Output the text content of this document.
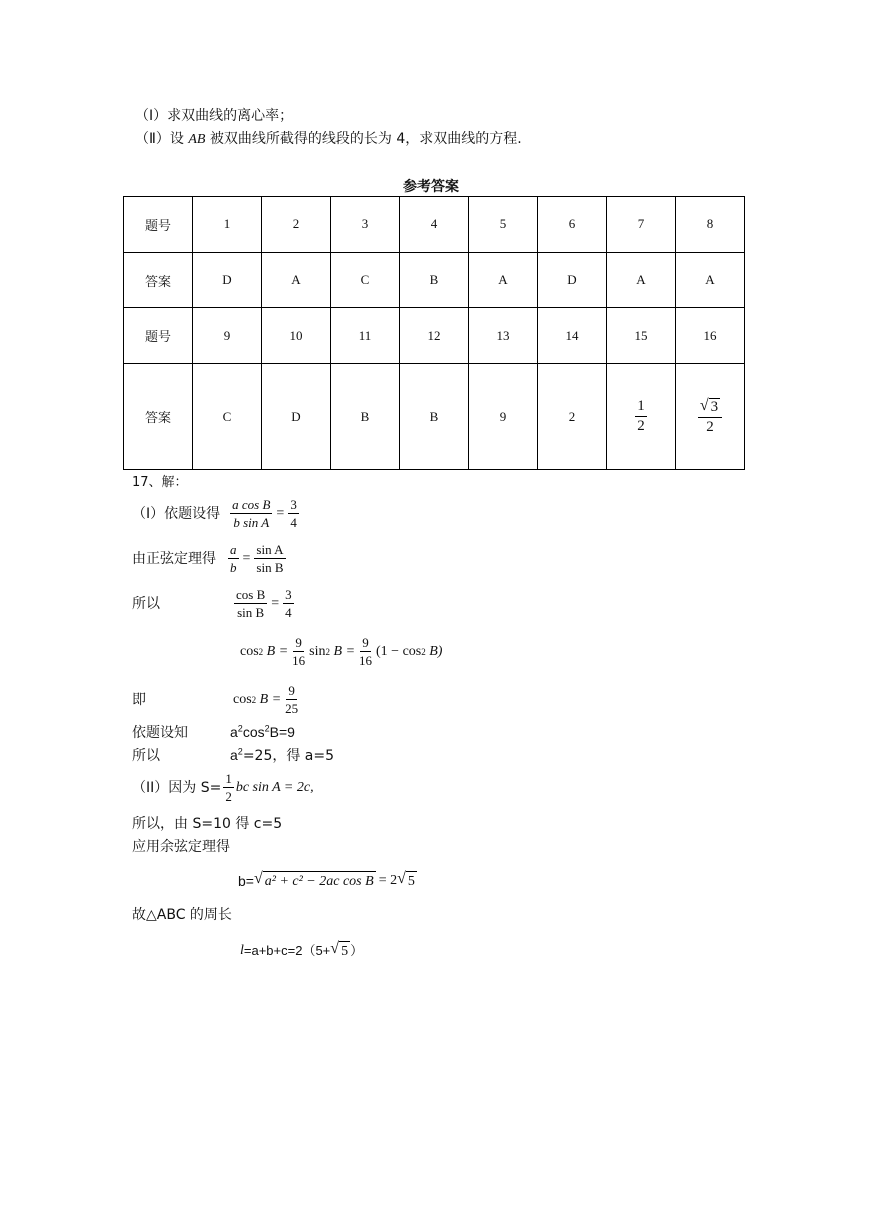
（Ⅰ）求双曲线的离心率；
（Ⅱ）设 AB 被双曲线所截得的线段的长为 4，求双曲线的方程.
参考答案
题号	1	2	3	4	5	6	7	8
答案	D	A	C	B	A	D	A	A
题号	9	10	11	12	13	14	15	16
答案	C	D	B	B	9	2	$\frac{1}{2}$	$\frac{√ 3}{2}$
17、解：
（I）依题设得 $\frac{\text{a cos B}}{\text{b sin A}} = \frac{3}{4}$
由正弦定理得 $\frac{a}{b} = \frac{\text{sin A}}{\text{sin B}}$
所以	$\frac{\text{cos B}}{\text{sin B}} = \frac{3}{4}$
cos 2
$B = \frac{9}{16}$ sin 2
$B = \frac{9}{16} (1 - \cos 2$
B)
即	cos 2
$B = \frac{9}{25}$
依题设知	$a^2\cos^2B=9$
所以	$a^2=25$，得 a=5
（II）因为 $S= \frac{1}{2}$ bc sin A = 2c,
所以，由 S=10 得 c=5
应用余弦定理得
b= √ a² + c² − 2ac cos B = 2 √ 5
故△ABC 的周长
l =a+b+c=2（5+ √ 5 ）
